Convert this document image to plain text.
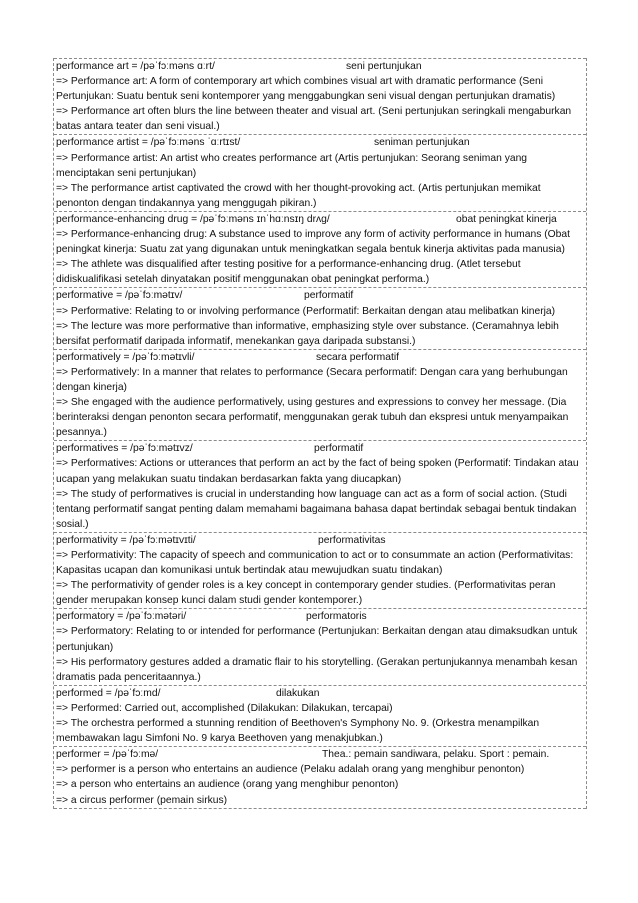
performance art = /pəˈfɔːməns ɑːrt/	seni pertunjukan
=> Performance art: A form of contemporary art which combines visual art with dramatic performance (Seni Pertunjukan: Suatu bentuk seni kontemporer yang menggabungkan seni visual dengan pertunjukan dramatis)
=> Performance art often blurs the line between theater and visual art. (Seni pertunjukan seringkali mengaburkan batas antara teater dan seni visual.)
performance artist = /pəˈfɔːməns ˈɑːrtɪst/	seniman pertunjukan
=> Performance artist: An artist who creates performance art (Artis pertunjukan: Seorang seniman yang menciptakan seni pertunjukan)
=> The performance artist captivated the crowd with her thought-provoking act. (Artis pertunjukan memikat penonton dengan tindakannya yang menggugah pikiran.)
performance-enhancing drug = /pəˈfɔːməns ɪnˈhɑːnsɪŋ drʌg/	obat peningkat kinerja
=> Performance-enhancing drug: A substance used to improve any form of activity performance in humans (Obat peningkat kinerja: Suatu zat yang digunakan untuk meningkatkan segala bentuk kinerja aktivitas pada manusia)
=> The athlete was disqualified after testing positive for a performance-enhancing drug. (Atlet tersebut didiskualifikasi setelah dinyatakan positif menggunakan obat peningkat performa.)
performative = /pəˈfɔːmətɪv/	performatif
=> Performative: Relating to or involving performance (Performatif: Berkaitan dengan atau melibatkan kinerja)
=> The lecture was more performative than informative, emphasizing style over substance. (Ceramahnya lebih bersifat performatif daripada informatif, menekankan gaya daripada substansi.)
performatively = /pəˈfɔːmətɪvli/	secara performatif
=> Performatively: In a manner that relates to performance (Secara performatif: Dengan cara yang berhubungan dengan kinerja)
=> She engaged with the audience performatively, using gestures and expressions to convey her message. (Dia berinteraksi dengan penonton secara performatif, menggunakan gerak tubuh dan ekspresi untuk menyampaikan pesannya.)
performatives = /pəˈfɔːmətɪvz/	performatif
=> Performatives: Actions or utterances that perform an act by the fact of being spoken (Performatif: Tindakan atau ucapan yang melakukan suatu tindakan berdasarkan fakta yang diucapkan)
=> The study of performatives is crucial in understanding how language can act as a form of social action. (Studi tentang performatif sangat penting dalam memahami bagaimana bahasa dapat bertindak sebagai bentuk tindakan sosial.)
performativity = /pəˈfɔːmətɪvɪti/	performativitas
=> Performativity: The capacity of speech and communication to act or to consummate an action (Performativitas: Kapasitas ucapan dan komunikasi untuk bertindak atau mewujudkan suatu tindakan)
=> The performativity of gender roles is a key concept in contemporary gender studies. (Performativitas peran gender merupakan konsep kunci dalam studi gender kontemporer.)
performatory = /pəˈfɔːmətəri/	performatoris
=> Performatory: Relating to or intended for performance (Pertunjukan: Berkaitan dengan atau dimaksudkan untuk pertunjukan)
=> His performatory gestures added a dramatic flair to his storytelling. (Gerakan pertunjukannya menambah kesan dramatis pada penceritaannya.)
performed = /pəˈfɔːmd/	dilakukan
=> Performed: Carried out, accomplished (Dilakukan: Dilakukan, tercapai)
=> The orchestra performed a stunning rendition of Beethoven's Symphony No. 9. (Orkestra menampilkan membawakan lagu Simfoni No. 9 karya Beethoven yang menakjubkan.)
performer = /pəˈfɔːmə/	Thea.: pemain sandiwara, pelaku. Sport : pemain.
=> performer is a person who entertains an audience (Pelaku adalah orang yang menghibur penonton)
=> a person who entertains an audience (orang yang menghibur penonton)
=> a circus performer (pemain sirkus)
